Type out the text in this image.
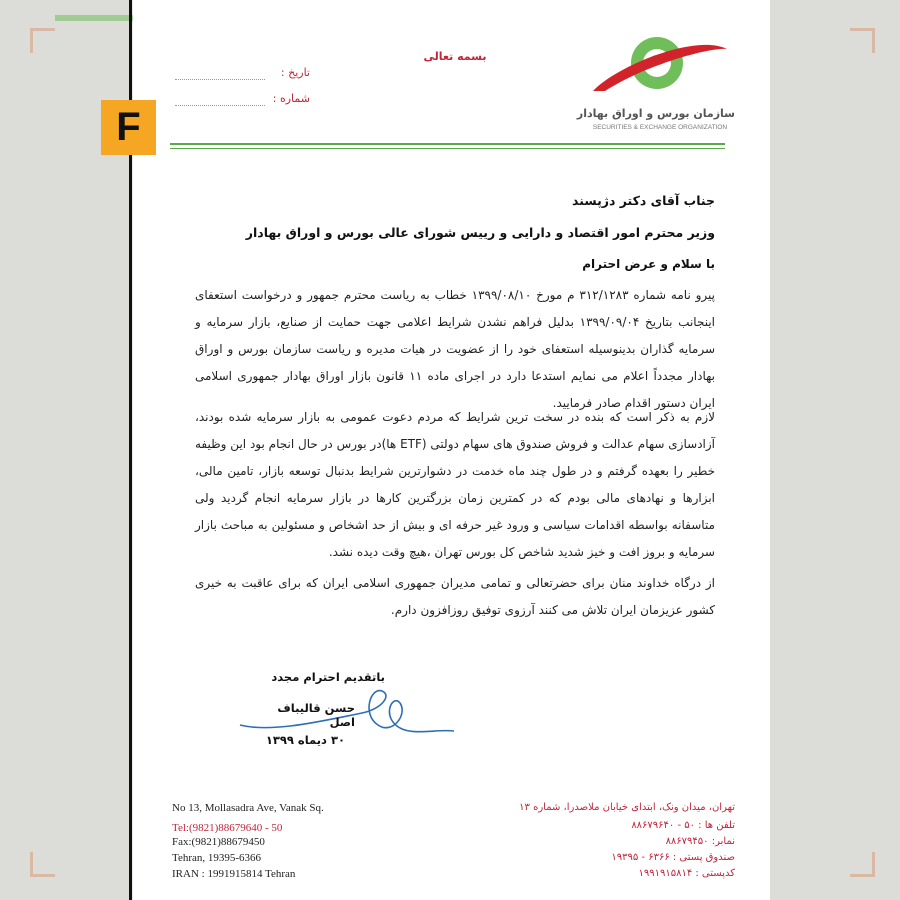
F
بسمه تعالی
تاریخ :
شماره :
سازمان بورس و اوراق بهادار
SECURITIES & EXCHANGE ORGANIZATION
جناب آقای دکتر دژپسند
وزیر محترم امور اقتصاد و دارایی و رییس شورای عالی بورس و اوراق بهادار
با سلام و عرض احترام
پیرو نامه شماره ۳۱۲/۱۲۸۳ م مورخ ۱۳۹۹/۰۸/۱۰ خطاب به ریاست محترم جمهور و درخواست استعفای اینجانب بتاریخ ۱۳۹۹/۰۹/۰۴ بدلیل فراهم نشدن شرایط اعلامی جهت حمایت از صنایع، بازار سرمایه و سرمایه گذاران بدینوسیله استعفای خود را از عضویت در هیات مدیره و ریاست سازمان بورس و اوراق بهادار مجدداً اعلام می نمایم استدعا دارد در اجرای ماده ۱۱ قانون بازار اوراق بهادار جمهوری اسلامی ایران دستور اقدام صادر فرمایید.
لازم به ذکر است که بنده در سخت ترین شرایط که مردم دعوت عمومی به بازار سرمایه شده بودند، آزادسازی سهام عدالت و فروش صندوق های سهام دولتی (ETF ها)در بورس در حال انجام بود این وظیفه خطیر را بعهده گرفتم و در طول چند ماه خدمت در دشوارترین شرایط بدنبال توسعه بازار، تامین مالی، ابزارها و نهادهای مالی بودم که در کمترین زمان بزرگترین کارها در بازار سرمایه انجام گردید ولی متاسفانه بواسطه اقدامات سیاسی و ورود غیر حرفه ای و بیش از حد اشخاص و مسئولین به مباحث بازار سرمایه و بروز افت و خیز شدید شاخص کل بورس تهران ،هیچ وقت دیده نشد.
از درگاه خداوند منان برای حضرتعالی و تمامی مدیران جمهوری اسلامی ایران که برای عاقبت به خیری کشور عزیزمان ایران تلاش می کنند آرزوی توفیق روزافزون دارم.
باتقدیم احترام مجدد
حسن قالیباف اصل
۳۰ دیماه ۱۳۹۹
No 13, Mollasadra Ave, Vanak Sq.
Tel:(9821)88679640 - 50
Fax:(9821)88679450
Tehran, 19395-6366
IRAN : 1991915814 Tehran
تهران، میدان ونک، ابتدای خیابان ملاصدرا، شماره ۱۳
تلفن ها : ۵۰ - ۸۸۶۷۹۶۴۰
نمابر: ۸۸۶۷۹۴۵۰
صندوق پستی : ۶۳۶۶ - ۱۹۳۹۵
کدپستی : ۱۹۹۱۹۱۵۸۱۴
